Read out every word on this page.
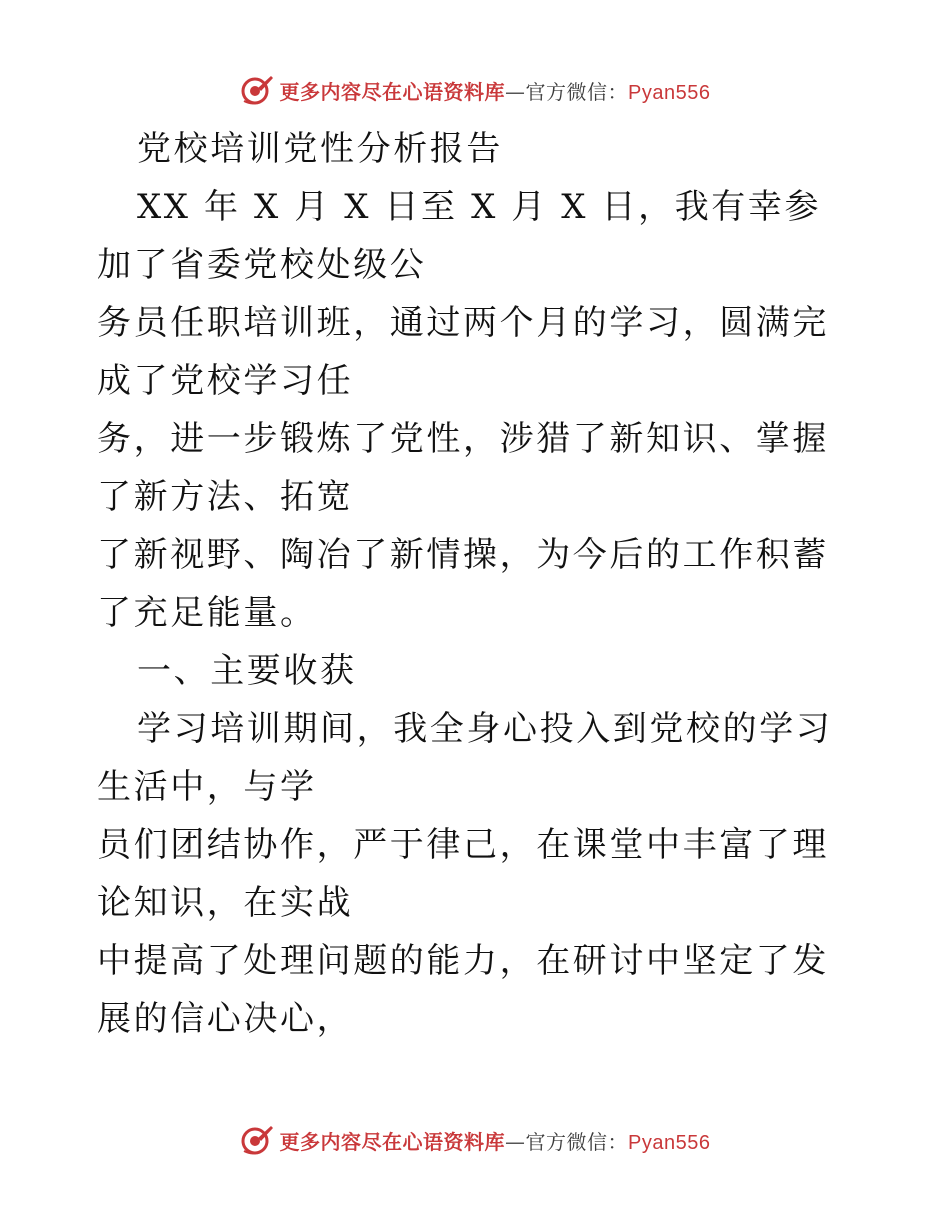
更多内容尽在心语资料库—官方微信：Pyan556

党校培训党性分析报告

XX 年 X 月 X 日至 X 月 X 日，我有幸参加了省委党校处级公
务员任职培训班，通过两个月的学习，圆满完成了党校学习任
务，进一步锻炼了党性，涉猎了新知识、掌握了新方法、拓宽
了新视野、陶冶了新情操，为今后的工作积蓄了充足能量。

一、主要收获

学习培训期间，我全身心投入到党校的学习生活中，与学
员们团结协作，严于律己，在课堂中丰富了理论知识，在实战
中提高了处理问题的能力，在研讨中坚定了发展的信心决心，

更多内容尽在心语资料库—官方微信：Pyan556
